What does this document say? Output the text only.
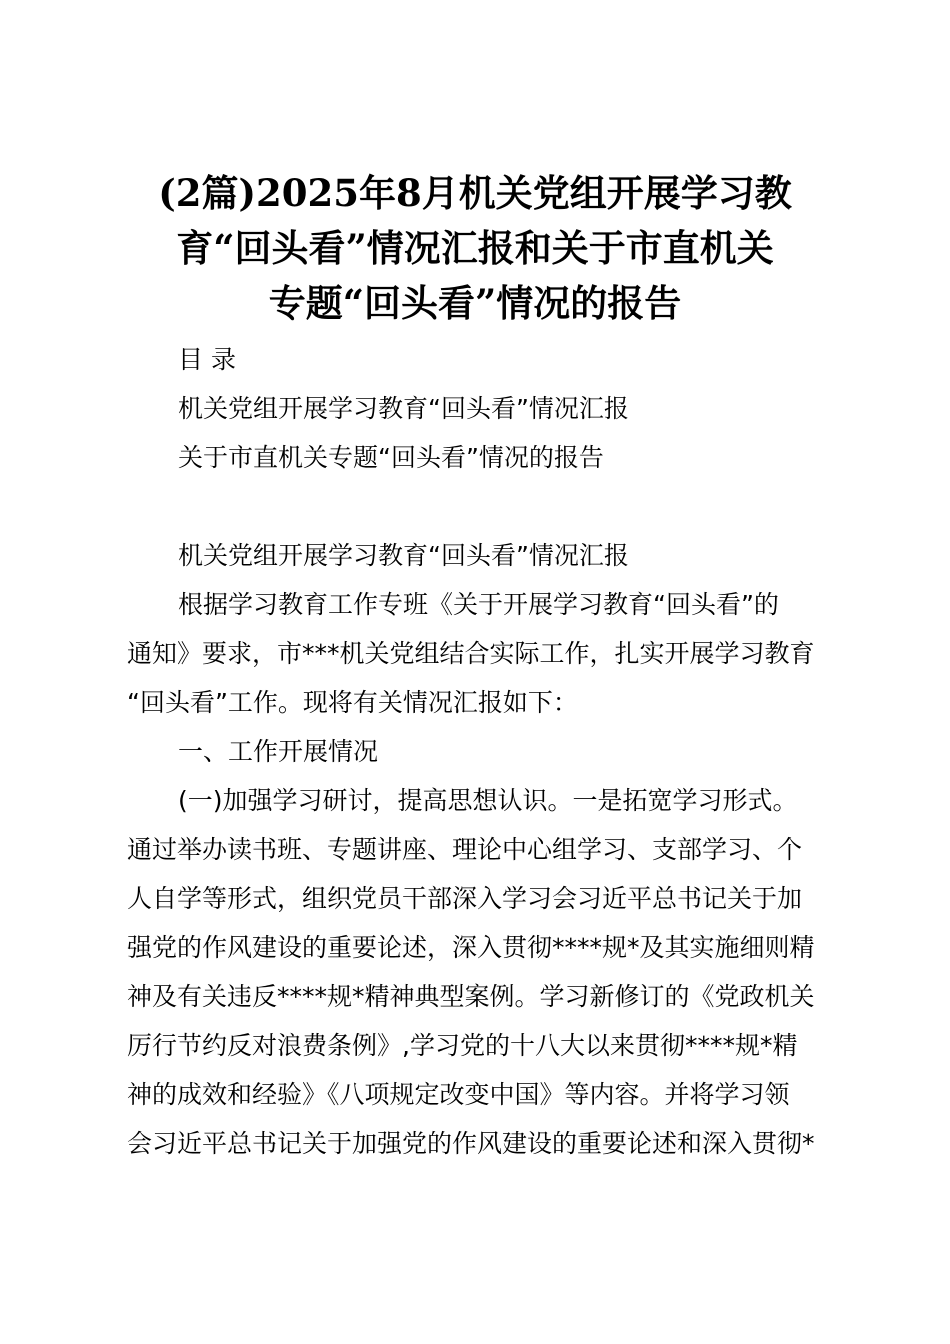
(2篇)2025年8月机关党组开展学习教
育“回头看”情况汇报和关于市直机关
专题“回头看”情况的报告
目 录
机关党组开展学习教育“回头看”情况汇报
关于市直机关专题“回头看”情况的报告
机关党组开展学习教育“回头看”情况汇报
根据学习教育工作专班《关于开展学习教育“回头看”的
通知》要求，市***机关党组结合实际工作，扎实开展学习教育
“回头看”工作。现将有关情况汇报如下：
一、工作开展情况
(一)加强学习研讨，提高思想认识。一是拓宽学习形式。
通过举办读书班、专题讲座、理论中心组学习、支部学习、个
人自学等形式，组织党员干部深入学习会习近平总书记关于加
强党的作风建设的重要论述，深入贯彻****规*及其实施细则精
神及有关违反****规*精神典型案例。学习新修订的《党政机关
厉行节约反对浪费条例》,学习党的十八大以来贯彻****规*精
神的成效和经验》《八项规定改变中国》等内容。并将学习领
会习近平总书记关于加强党的作风建设的重要论述和深入贯彻*
